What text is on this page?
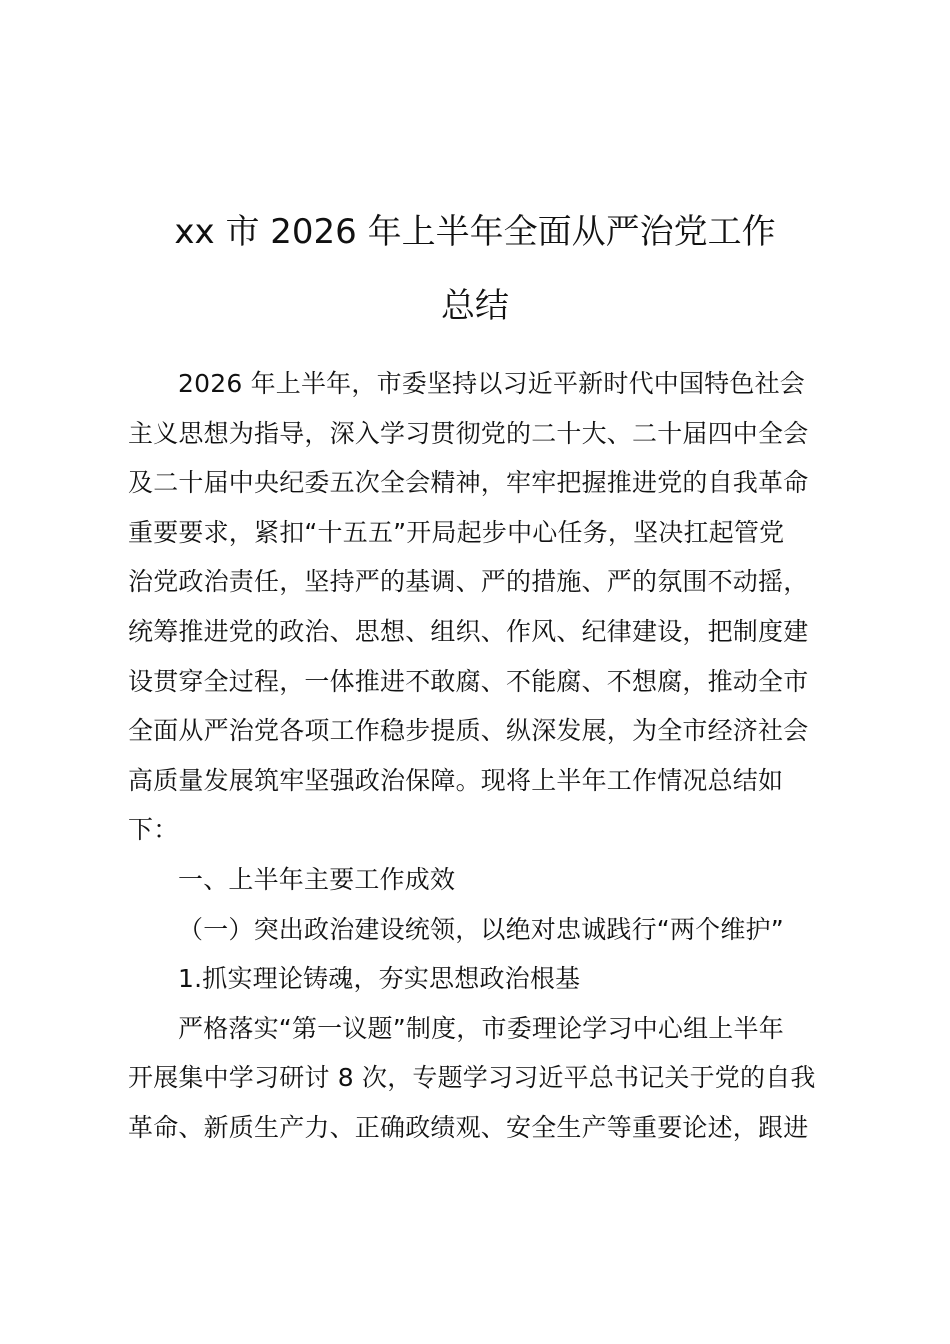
xx 市 2026 年上半年全面从严治党工作
总结
2026 年上半年，市委坚持以习近平新时代中国特色社会
主义思想为指导，深入学习贯彻党的二十大、二十届四中全会
及二十届中央纪委五次全会精神，牢牢把握推进党的自我革命
重要要求，紧扣“十五五”开局起步中心任务，坚决扛起管党
治党政治责任，坚持严的基调、严的措施、严的氛围不动摇，
统筹推进党的政治、思想、组织、作风、纪律建设，把制度建
设贯穿全过程，一体推进不敢腐、不能腐、不想腐，推动全市
全面从严治党各项工作稳步提质、纵深发展，为全市经济社会
高质量发展筑牢坚强政治保障。现将上半年工作情况总结如
下：
一、上半年主要工作成效
（一）突出政治建设统领，以绝对忠诚践行“两个维护”
1.抓实理论铸魂，夯实思想政治根基
严格落实“第一议题”制度，市委理论学习中心组上半年
开展集中学习研讨 8 次，专题学习习近平总书记关于党的自我
革命、新质生产力、正确政绩观、安全生产等重要论述，跟进
